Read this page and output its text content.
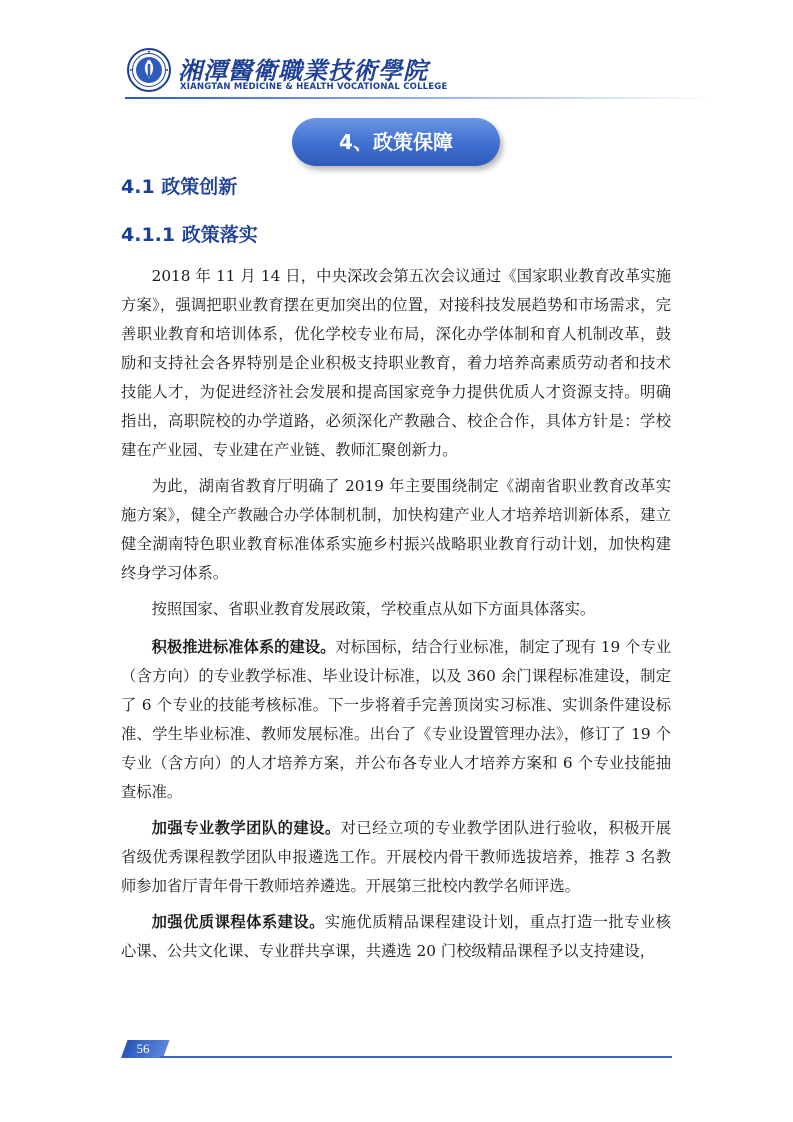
湘潭醫衛職業技術學院
XIANGTAN MEDICINE & HEALTH VOCATIONAL COLLEGE
4、政策保障
4.1 政策创新
4.1.1 政策落实

2018 年 11 月 14 日，中央深改会第五次会议通过《国家职业教育改革实施方案》，强调把职业教育摆在更加突出的位置，对接科技发展趋势和市场需求，完善职业教育和培训体系，优化学校专业布局，深化办学体制和育人机制改革，鼓励和支持社会各界特别是企业积极支持职业教育，着力培养高素质劳动者和技术技能人才，为促进经济社会发展和提高国家竞争力提供优质人才资源支持。明确指出，高职院校的办学道路，必须深化产教融合、校企合作，具体方针是：学校建在产业园、专业建在产业链、教师汇聚创新力。

为此，湖南省教育厅明确了 2019 年主要围绕制定《湖南省职业教育改革实施方案》，健全产教融合办学体制机制，加快构建产业人才培养培训新体系，建立健全湖南特色职业教育标准体系实施乡村振兴战略职业教育行动计划，加快构建终身学习体系。

按照国家、省职业教育发展政策，学校重点从如下方面具体落实。

积极推进标准体系的建设。对标国标，结合行业标准，制定了现有 19 个专业（含方向）的专业教学标准、毕业设计标准，以及 360 余门课程标准建设，制定了 6 个专业的技能考核标准。下一步将着手完善顶岗实习标准、实训条件建设标准、学生毕业标准、教师发展标准。出台了《专业设置管理办法》，修订了 19 个专业（含方向）的人才培养方案，并公布各专业人才培养方案和 6 个专业技能抽查标准。

加强专业教学团队的建设。对已经立项的专业教学团队进行验收，积极开展省级优秀课程教学团队申报遴选工作。开展校内骨干教师选拔培养，推荐 3 名教师参加省厅青年骨干教师培养遴选。开展第三批校内教学名师评选。

加强优质课程体系建设。实施优质精品课程建设计划，重点打造一批专业核心课、公共文化课、专业群共享课，共遴选 20 门校级精品课程予以支持建设，

56
